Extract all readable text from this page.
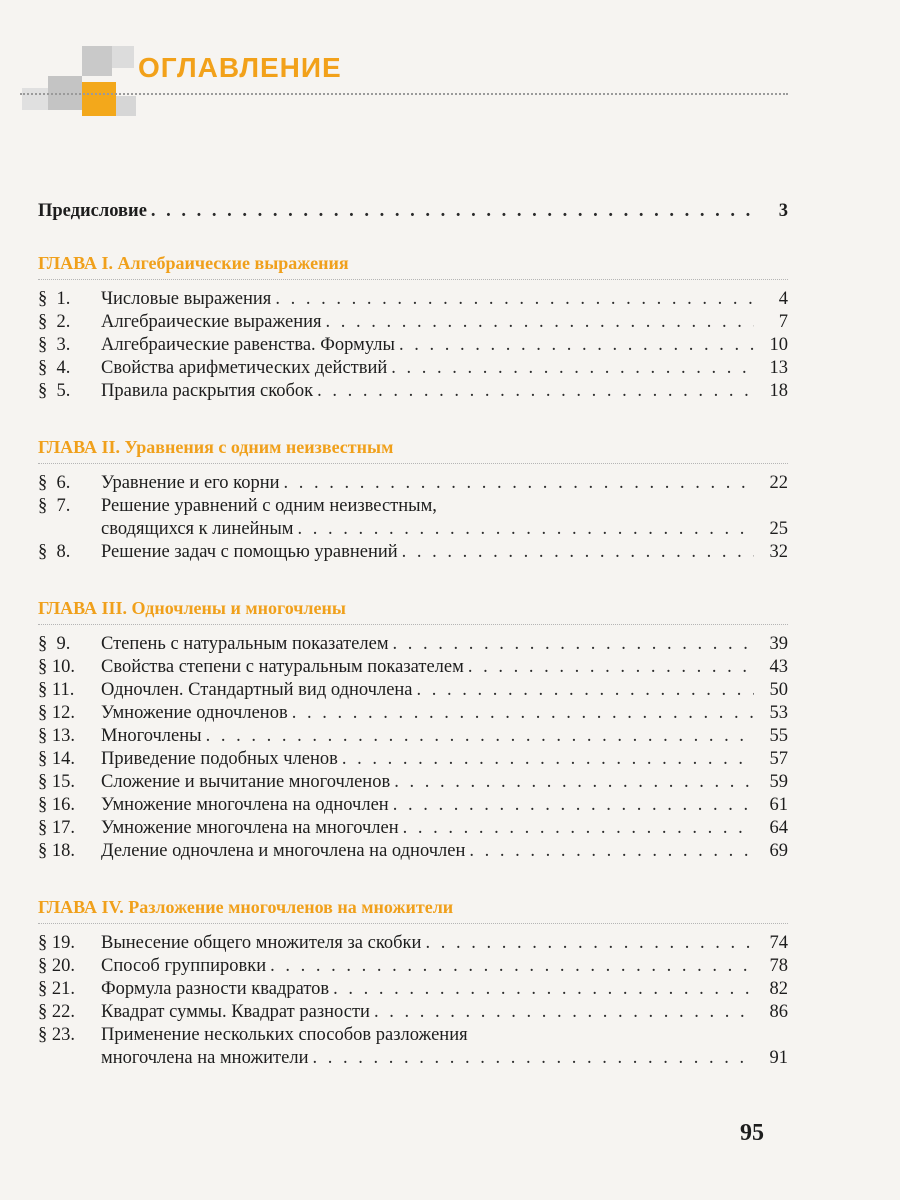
ОГЛАВЛЕНИЕ
Предисловие . . .	3
ГЛАВА I. Алгебраические выражения
§  1.	Числовые выражения . . .	4
§  2.	Алгебраические выражения . . .	7
§  3.	Алгебраические равенства. Формулы . . .	10
§  4.	Свойства арифметических действий . . .	13
§  5.	Правила раскрытия скобок . . .	18
ГЛАВА II. Уравнения с одним неизвестным
§  6.	Уравнение и его корни . . .	22
§  7.	Решение уравнений с одним неизвестным,
сводящихся к линейным . . .	25
§  8.	Решение задач с помощью уравнений . . .	32
ГЛАВА III. Одночлены и многочлены
§  9.	Степень с натуральным показателем . . .	39
§ 10.	Свойства степени с натуральным показателем . . .	43
§ 11.	Одночлен. Стандартный вид одночлена . . .	50
§ 12.	Умножение одночленов . . .	53
§ 13.	Многочлены . . .	55
§ 14.	Приведение подобных членов . . .	57
§ 15.	Сложение и вычитание многочленов . . .	59
§ 16.	Умножение многочлена на одночлен . . .	61
§ 17.	Умножение многочлена на многочлен . . .	64
§ 18.	Деление одночлена и многочлена на одночлен . . .	69
ГЛАВА IV. Разложение многочленов на множители
§ 19.	Вынесение общего множителя за скобки . . .	74
§ 20.	Способ группировки . . .	78
§ 21.	Формула разности квадратов . . .	82
§ 22.	Квадрат суммы. Квадрат разности . . .	86
§ 23.	Применение нескольких способов разложения
многочлена на множители . . .	91
95
